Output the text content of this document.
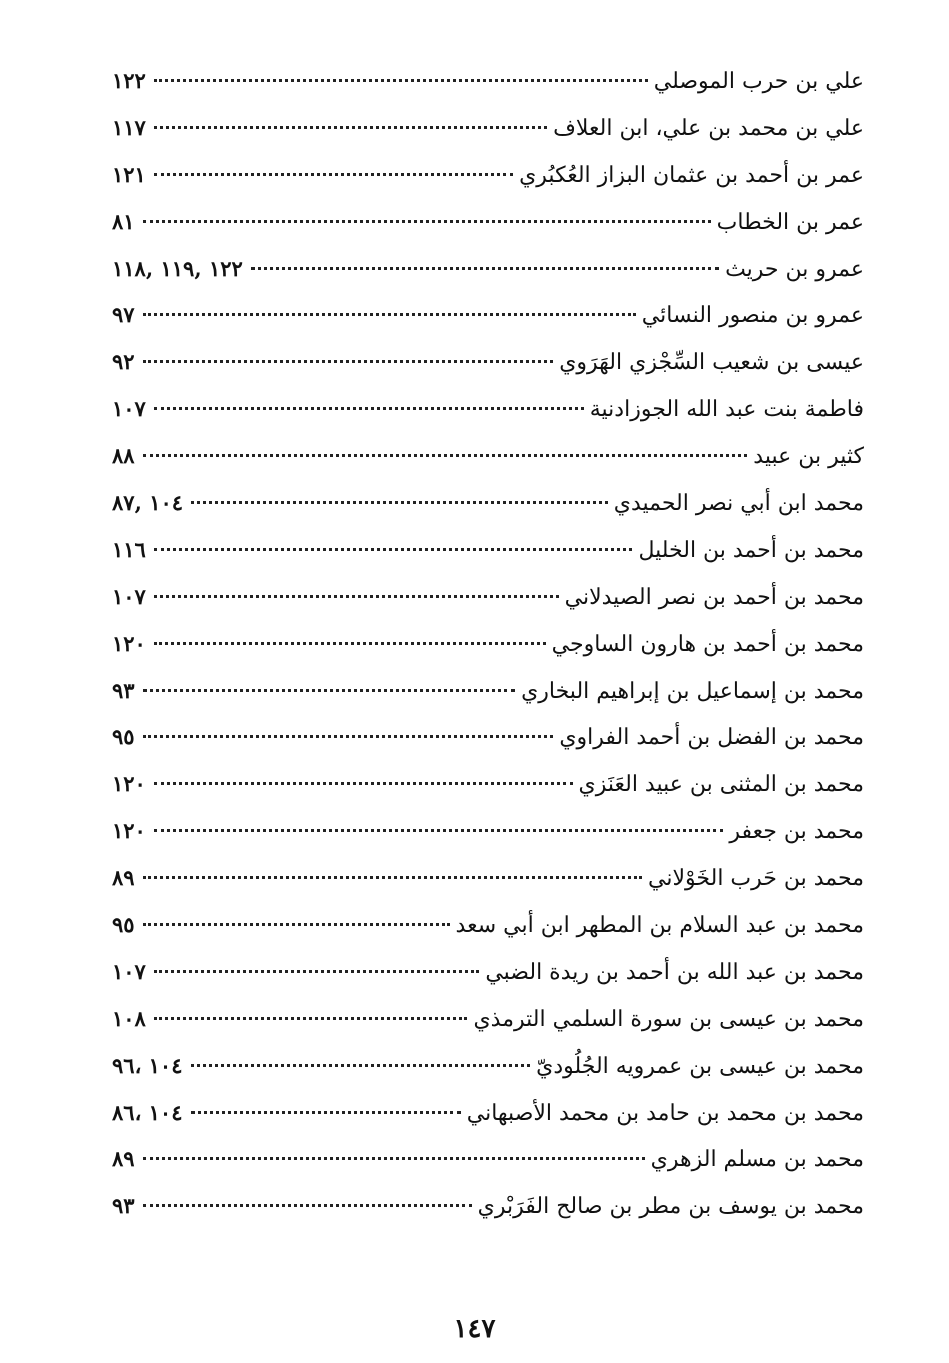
علي بن حرب الموصلي
١٢٢
علي بن محمد بن علي، ابن العلاف
١١٧
عمر بن أحمد بن عثمان البزاز العُكبُري
١٢١
عمر بن الخطاب
٨١
عمرو بن حريث
١٢٢ ,١١٩ ,١١٨
عمرو بن منصور النسائي
٩٧
عيسى بن شعيب السِّجْزي الهَرَوي
٩٢
فاطمة بنت عبد الله الجوزادنية
١٠٧
كثير بن عبيد
٨٨
محمد ابن أبي نصر الحميدي
١٠٤ ,٨٧
محمد بن أحمد بن الخليل
١١٦
محمد بن أحمد بن نصر الصيدلاني
١٠٧
محمد بن أحمد بن هارون الساوجي
١٢٠
محمد بن إسماعيل بن إبراهيم البخاري
٩٣
محمد بن الفضل بن أحمد الفراوي
٩٥
محمد بن المثنى بن عبيد العَنَزي
١٢٠
محمد بن جعفر
١٢٠
محمد بن حَرب الخَوْلاني
٨٩
محمد بن عبد السلام بن المطهر ابن أبي سعد
٩٥
محمد بن عبد الله بن أحمد بن ريدة الضبي
١٠٧
محمد بن عيسى بن سورة السلمي الترمذي
١٠٨
محمد بن عيسى بن عمرويه الجُلُوديّ
١٠٤ ،٩٦
محمد بن محمد بن حامد بن محمد الأصبهاني
١٠٤ ،٨٦
محمد بن مسلم الزهري
٨٩
محمد بن يوسف بن مطر بن صالح الفَرَبْري
٩٣
١٤٧
